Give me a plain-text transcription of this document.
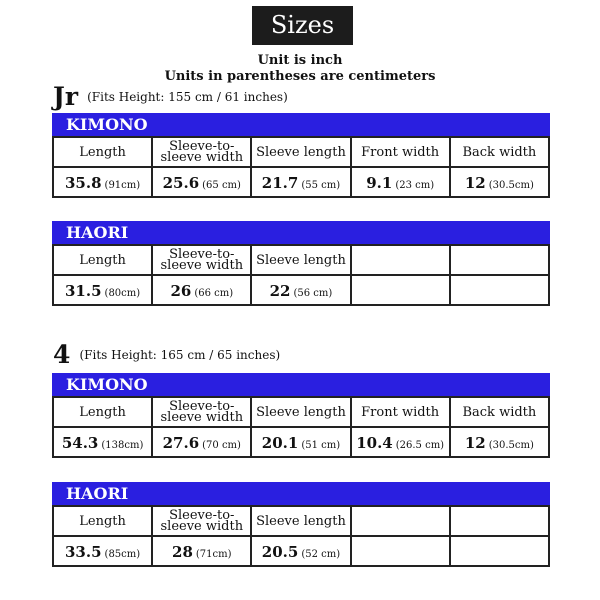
Sizes
Unit is inch
Units in parentheses are centimeters
Jr (Fits Height: 155 cm / 61 inches)
KIMONO
Length	Sleeve-to-sleeve width	Sleeve length	Front width	Back width
35.8 (91cm)	25.6 (65 cm)	21.7 (55 cm)	9.1 (23 cm)	12 (30.5cm)
HAORI
Length	Sleeve-to-sleeve width	Sleeve length		
31.5 (80cm)	26 (66 cm)	22 (56 cm)		
4 (Fits Height: 165 cm / 65 inches)
KIMONO
Length	Sleeve-to-sleeve width	Sleeve length	Front width	Back width
54.3 (138cm)	27.6 (70 cm)	20.1 (51 cm)	10.4 (26.5 cm)	12 (30.5cm)
HAORI
Length	Sleeve-to-sleeve width	Sleeve length		
33.5 (85cm)	28 (71cm)	20.5 (52 cm)		
